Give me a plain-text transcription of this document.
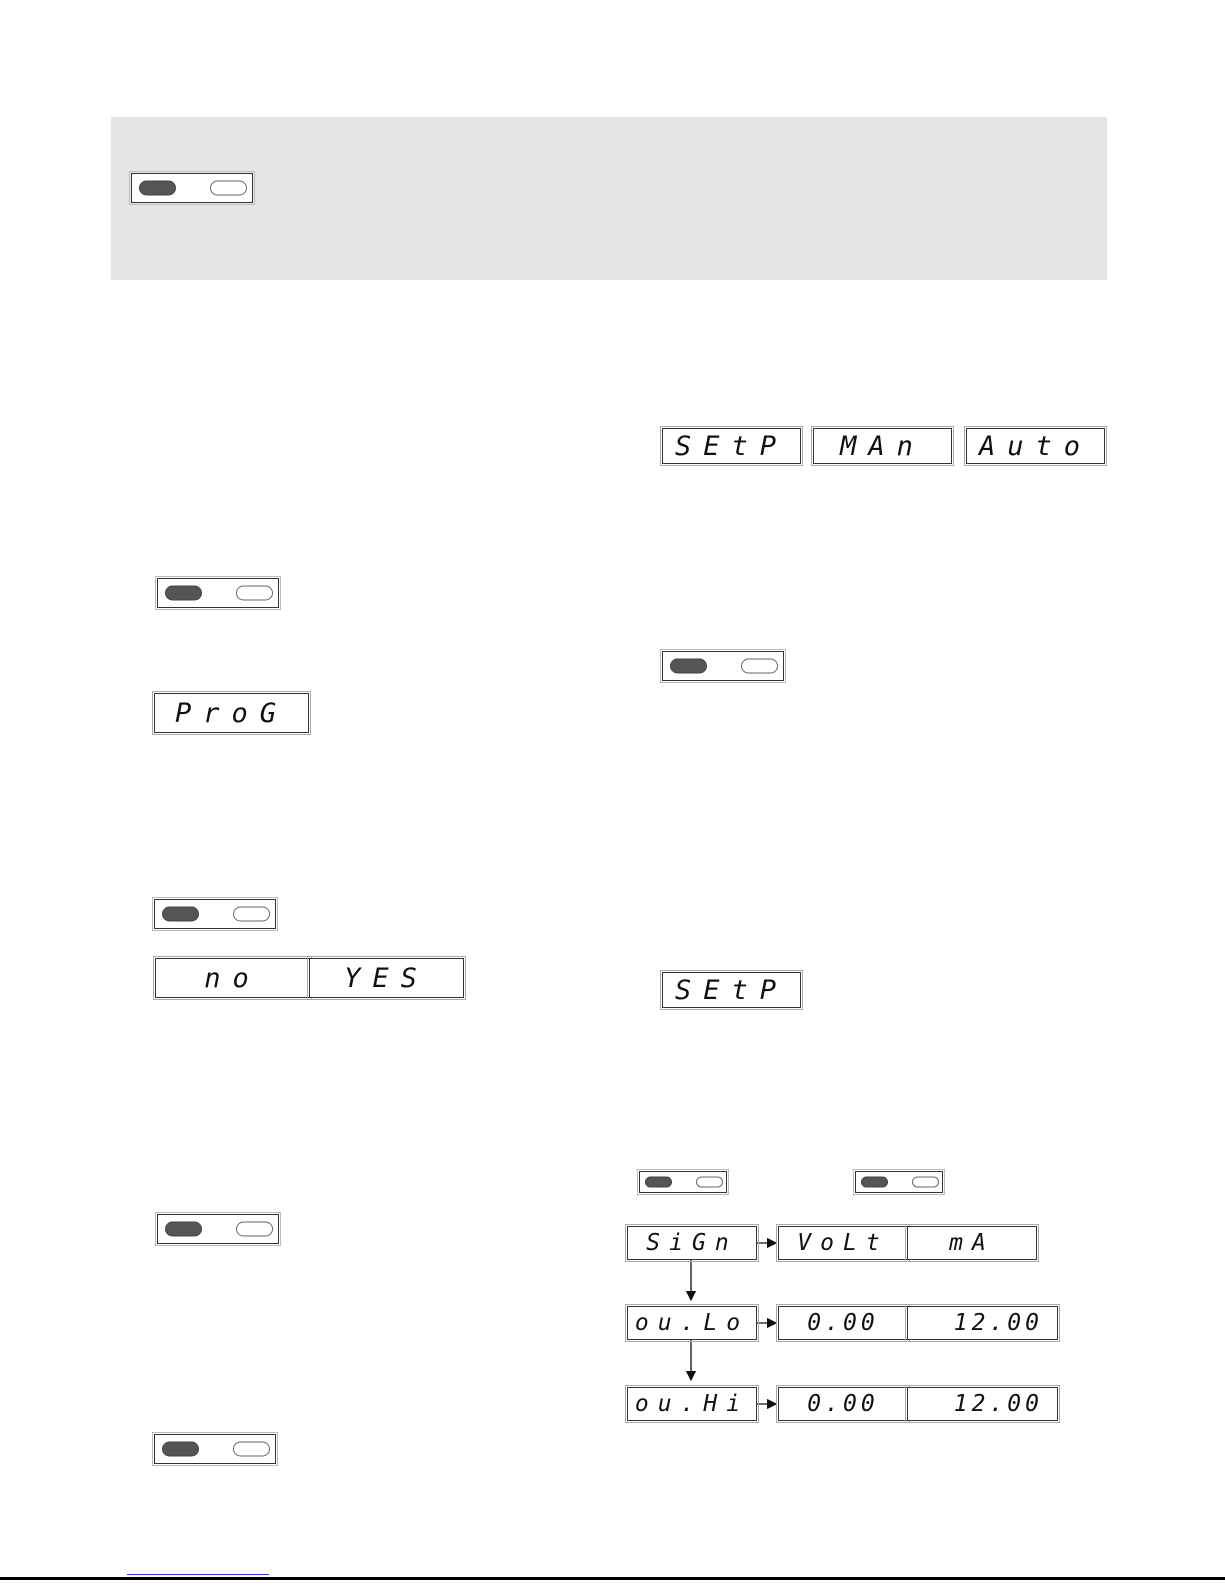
ProG
no	YES
SEtP	MAn	Auto
SEtP
SiGn	VoLt	mA
ou.Lo	0.00	12.00
ou.Hi	0.00	12.00
